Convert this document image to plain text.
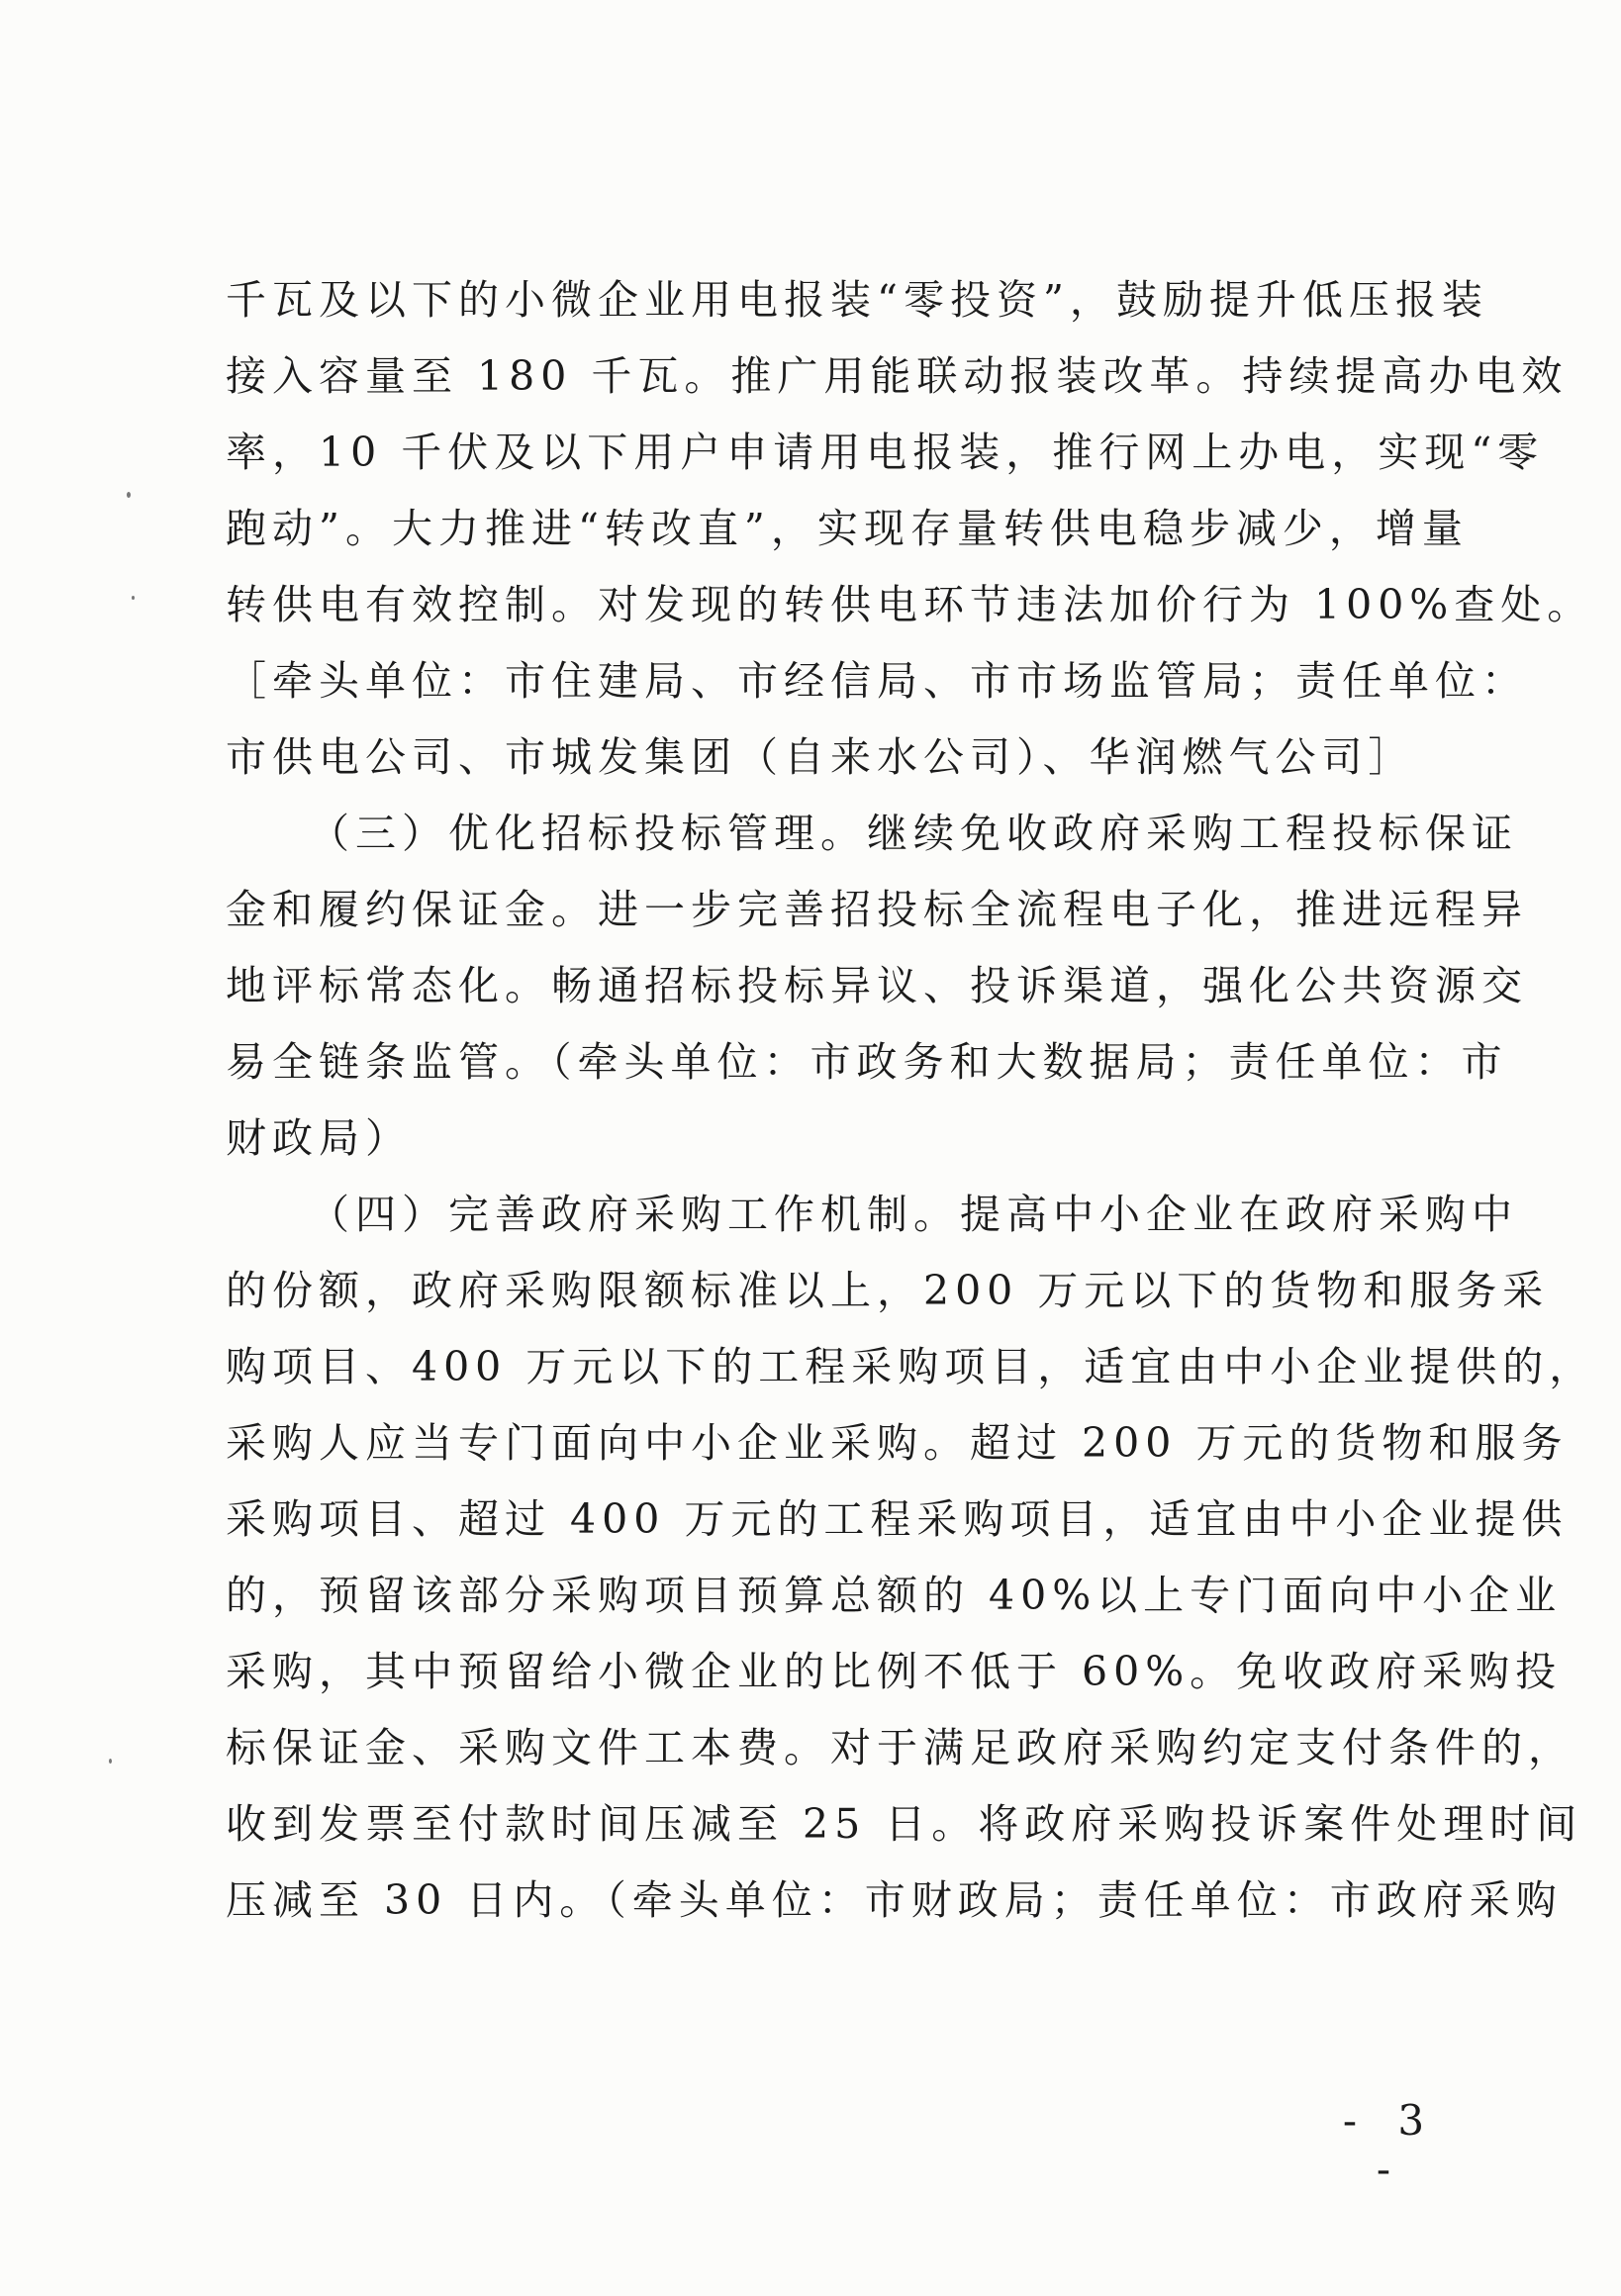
千瓦及以下的小微企业用电报装“零投资”，鼓励提升低压报装
接入容量至 180 千瓦。推广用能联动报装改革。持续提高办电效
率，10 千伏及以下用户申请用电报装，推行网上办电，实现“零
跑动”。大力推进“转改直”，实现存量转供电稳步减少，增量
转供电有效控制。对发现的转供电环节违法加价行为 100%查处。
［牵头单位：市住建局、市经信局、市市场监管局；责任单位：
市供电公司、市城发集团（自来水公司）、华润燃气公司］
（三）优化招标投标管理。继续免收政府采购工程投标保证
金和履约保证金。进一步完善招投标全流程电子化，推进远程异
地评标常态化。畅通招标投标异议、投诉渠道，强化公共资源交
易全链条监管。（牵头单位：市政务和大数据局；责任单位：市
财政局）
（四）完善政府采购工作机制。提高中小企业在政府采购中
的份额，政府采购限额标准以上，200 万元以下的货物和服务采
购项目、400 万元以下的工程采购项目，适宜由中小企业提供的，
采购人应当专门面向中小企业采购。超过 200 万元的货物和服务
采购项目、超过 400 万元的工程采购项目，适宜由中小企业提供
的，预留该部分采购项目预算总额的 40%以上专门面向中小企业
采购，其中预留给小微企业的比例不低于 60%。免收政府采购投
标保证金、采购文件工本费。对于满足政府采购约定支付条件的，
收到发票至付款时间压减至 25 日。将政府采购投诉案件处理时间
压减至 30 日内。（牵头单位：市财政局；责任单位：市政府采购
- 3 -
